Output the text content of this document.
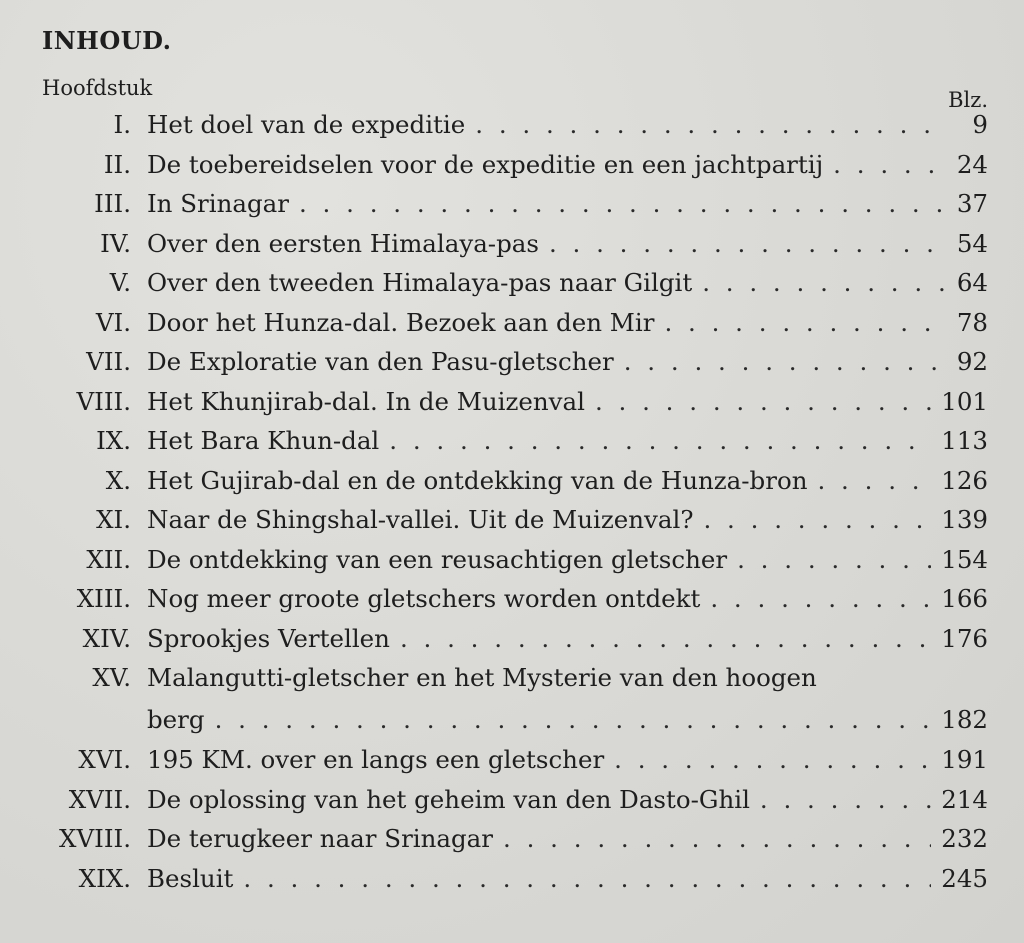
INHOUD.
Hoofdstuk	Blz.
I. Het doel van de expeditie . . .	9
II. De toebereidselen voor de expeditie en een jachtpartij . . .	24
III. In Srinagar . . .	37
IV. Over den eersten Himalaya-pas . . .	54
V. Over den tweeden Himalaya-pas naar Gilgit . . .	64
VI. Door het Hunza-dal. Bezoek aan den Mir . . .	78
VII. De Exploratie van den Pasu-gletscher . . .	92
VIII. Het Khunjirab-dal. In de Muizenval . . .	101
IX. Het Bara Khun-dal . . .	113
X. Het Gujirab-dal en de ontdekking van de Hunza-bron . . .	126
XI. Naar de Shingshal-vallei. Uit de Muizenval? . . .	139
XII. De ontdekking van een reusachtigen gletscher . . .	154
XIII. Nog meer groote gletschers worden ontdekt . . .	166
XIV. Sprookjes Vertellen . . .	176
XV. Malangutti-gletscher en het Mysterie van den hoogen
berg . . .	182
XVI. 195 KM. over en langs een gletscher . . .	191
XVII. De oplossing van het geheim van den Dasto-Ghil . . .	214
XVIII. De terugkeer naar Srinagar . . .	232
XIX. Besluit . . .	245
